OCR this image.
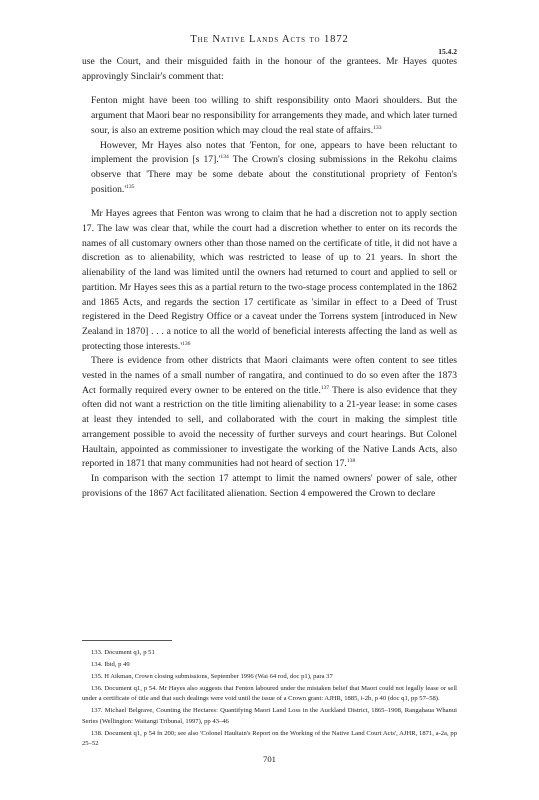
The Native Lands Acts to 1872
15.4.2

use the Court, and their misguided faith in the honour of the grantees. Mr Hayes quotes approvingly Sinclair's comment that:

Fenton might have been too willing to shift responsibility onto Maori shoulders. But the argument that Maori bear no responsibility for arrangements they made, and which later turned sour, is also an extreme position which may cloud the real state of affairs.$^{133}$

However, Mr Hayes also notes that 'Fenton, for one, appears to have been reluctant to implement the provision [s $17].'^{134}$ The Crown's closing submissions in the Rekohu claims observe that 'There may be some debate about the constitutional propriety of Fenton's $position.'^{135}$

Mr Hayes agrees that Fenton was wrong to claim that he had a discretion not to apply section 17. The law was clear that, while the court had a discretion whether to enter on its records the names of all customary owners other than those named on the certificate of title, it did not have a discretion as to alienability, which was restricted to lease of up to 21 years. In short the alienability of the land was limited until the owners had returned to court and applied to sell or partition. Mr Hayes sees this as a partial return to the two-stage process contemplated in the 1862 and 1865 Acts, and regards the section 17 certificate as 'similar in effect to a Deed of Trust registered in the Deed Registry Office or a caveat under the Torrens system [introduced in New Zealand in 1870] . . . a notice to all the world of beneficial interests affecting the land as well as protecting those $interests.'^{136}$

There is evidence from other districts that Maori claimants were often content to see titles vested in the names of a small number of rangatira, and continued to do so even after the 1873 Act formally required every owner to be entered on the title.$^{137}$ There is also evidence that they often did not want a restriction on the title limiting alienability to a 21-year lease: in some cases at least they intended to sell, and collaborated with the court in making the simplest title arrangement possible to avoid the necessity of further surveys and court hearings. But Colonel Haultain, appointed as commissioner to investigate the working of the Native Lands Acts, also reported in 1871 that many communities had not heard of section 17.$^{138}$

In comparison with the section 17 attempt to limit the named owners' power of sale, other provisions of the 1867 Act facilitated alienation. Section 4 empowered the Crown to declare

133. Document q1, p 51

134. Ibid, p 49

135. H Aikman, Crown closing submissions, September 1996 (Wai 64 rod, doc p1), para 37

136. Document q1, p 54. Mr Hayes also suggests that Fenton laboured under the mistaken belief that Maori could not legally lease or sell under a certificate of title and that such dealings were void until the issue of a Crown grant: AJHR, 1885, i-2b, p 40 (doc q1, pp 57–58).

137. Michael Belgrave, Counting the Hectares: Quantifying Maori Land Loss in the Auckland District, 1865–1908, Rangahaua Whanui Series (Wellington: Waitangi Tribunal, 1997), pp 43–46

138. Document q1, p 54 fn 200; see also 'Colonel Haultain's Report on the Working of the Native Land Court Acts', AJHR, 1871, a-2a, pp 25–52

701
